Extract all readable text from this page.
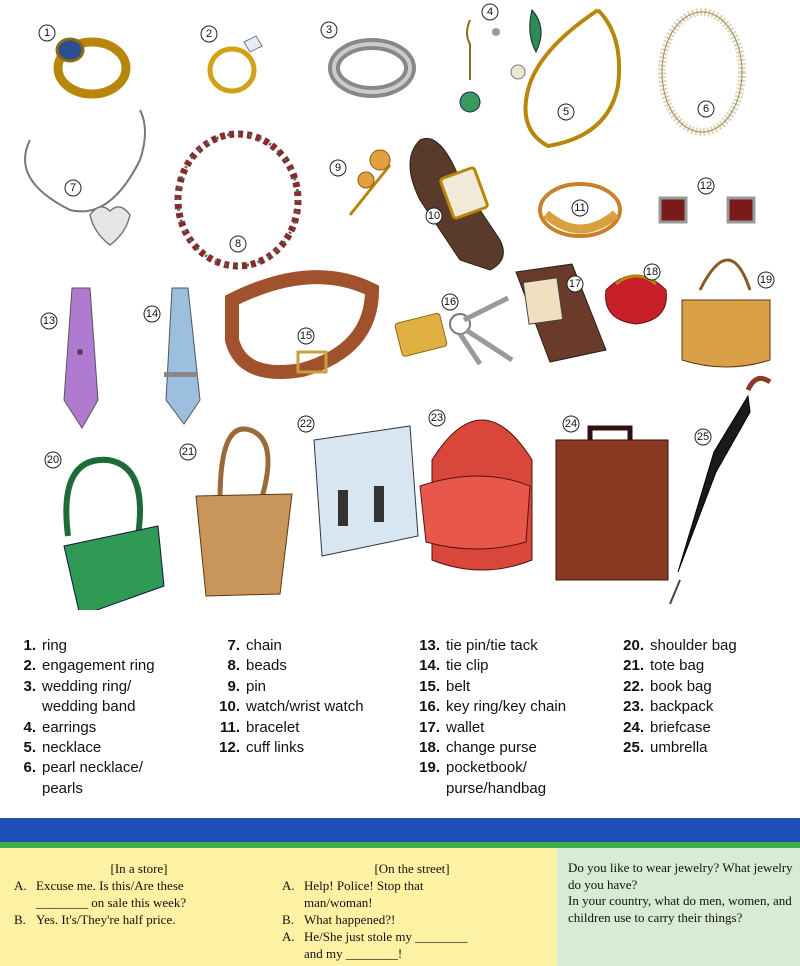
1	2	3
4
5	6
7
8
9
10
11
12
13
14
15
16
17
18
19
20
21
22	23	24
25
1. ring
2. engagement ring
3. wedding ring/
wedding band
4. earrings
5. necklace
6. pearl necklace/
pearls
7. chain
8. beads
9. pin
10. watch/wrist watch
11. bracelet
12. cuff links
13. tie pin/tie tack
14. tie clip
15. belt
16. key ring/key chain
17. wallet
18. change purse
19. pocketbook/
purse/handbag
20. shoulder bag
21. tote bag
22. book bag
23. backpack
24. briefcase
25. umbrella
[In a store]
A. Excuse me. Is this/Are these
________ on sale this week?
B. Yes. It's/They're half price.
[On the street]
A. Help! Police! Stop that
man/woman!
B. What happened?!
A. He/She just stole my ________
and my ________!

Do you like to wear jewelry? What jewelry do you have?

In your country, what do men, women, and children use to carry their things?
